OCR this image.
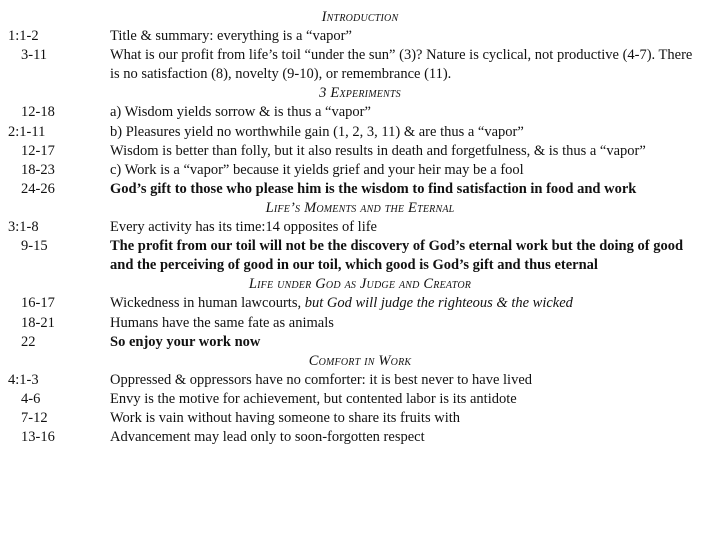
Introduction
1:1-2	Title & summary: everything is a “vapor”
3-11	What is our profit from life’s toil “under the sun” (3)? Nature is cyclical, not productive (4-7). There is no satisfaction (8), novelty (9-10), or remembrance (11).
3 Experiments
12-18	a) Wisdom yields sorrow & is thus a “vapor”
2:1-11	b) Pleasures yield no worthwhile gain (1, 2, 3, 11) & are thus a “vapor”
12-17	Wisdom is better than folly, but it also results in death and forgetfulness, & is thus a “vapor”
18-23	c) Work is a “vapor” because it yields grief and your heir may be a fool
24-26	God’s gift to those who please him is the wisdom to find satisfaction in food and work
Life’s Moments and the Eternal
3:1-8	Every activity has its time:14 opposites of life
9-15	The profit from our toil will not be the discovery of God’s eternal work but the doing of good and the perceiving of good in our toil, which good is God’s gift and thus eternal
Life under God as Judge and Creator
16-17	Wickedness in human lawcourts, but God will judge the righteous & the wicked
18-21	Humans have the same fate as animals
22	So enjoy your work now
Comfort in Work
4:1-3	Oppressed & oppressors have no comforter: it is best never to have lived
4-6	Envy is the motive for achievement, but contented labor is its antidote
7-12	Work is vain without having someone to share its fruits with
13-16	Advancement may lead only to soon-forgotten respect
